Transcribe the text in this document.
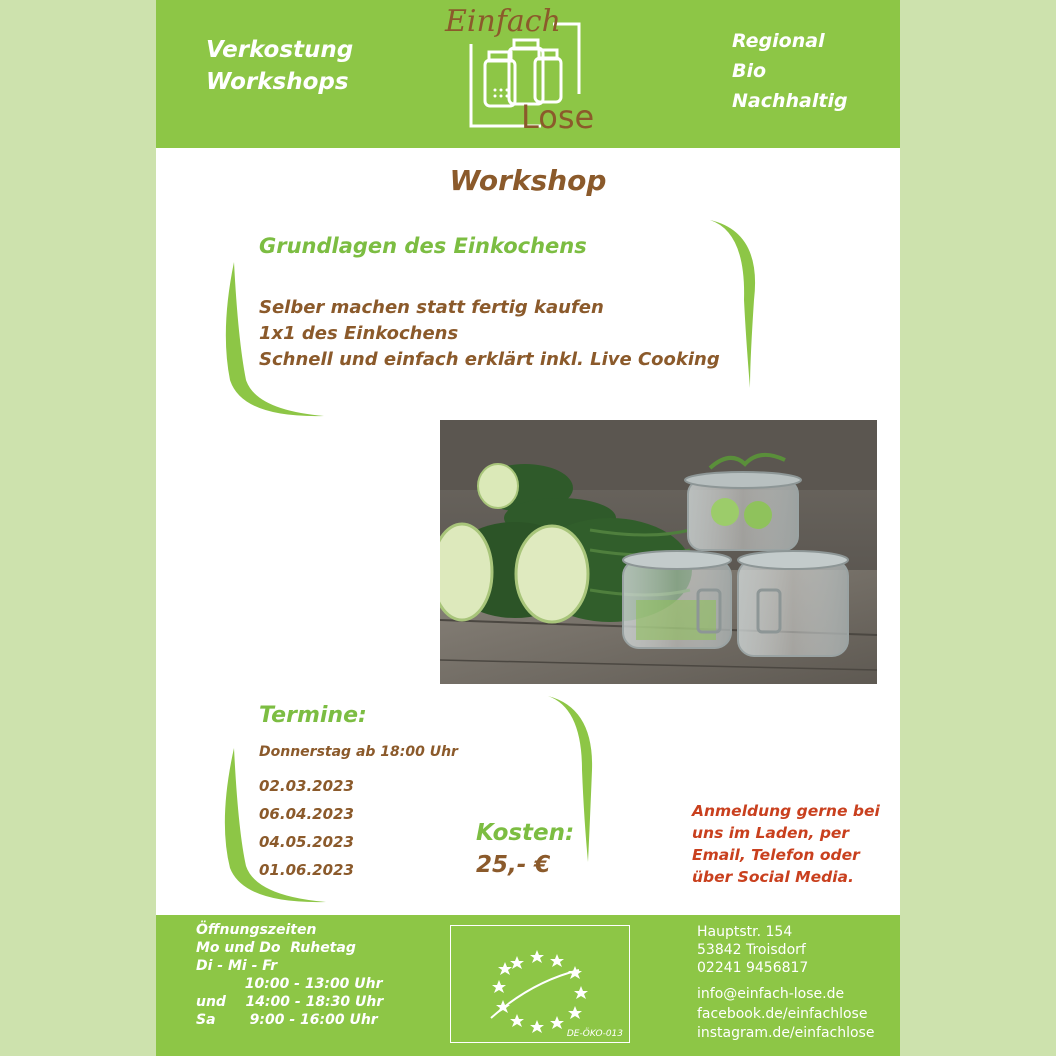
Verkostung
Workshops
Einfach
Lose
Regional
Bio
Nachhaltig
Workshop
Grundlagen des Einkochens
Selber machen statt fertig kaufen
1x1 des Einkochens
Schnell und einfach erklärt inkl. Live Cooking
Termine:
Donnerstag ab 18:00 Uhr
02.03.2023
06.04.2023
04.05.2023
01.06.2023
Kosten:
25,- €
Anmeldung gerne bei
uns im Laden, per
Email, Telefon oder
über Social Media.
Öffnungszeiten
Mo und Do  Ruhetag
Di - Mi - Fr
10:00 - 13:00 Uhr
und    14:00 - 18:30 Uhr
Sa       9:00 - 16:00 Uhr
DE-ÖKO-013
Hauptstr. 154
53842 Troisdorf
02241 9456817
info@einfach-lose.de
facebook.de/einfachlose
instagram.de/einfachlose
